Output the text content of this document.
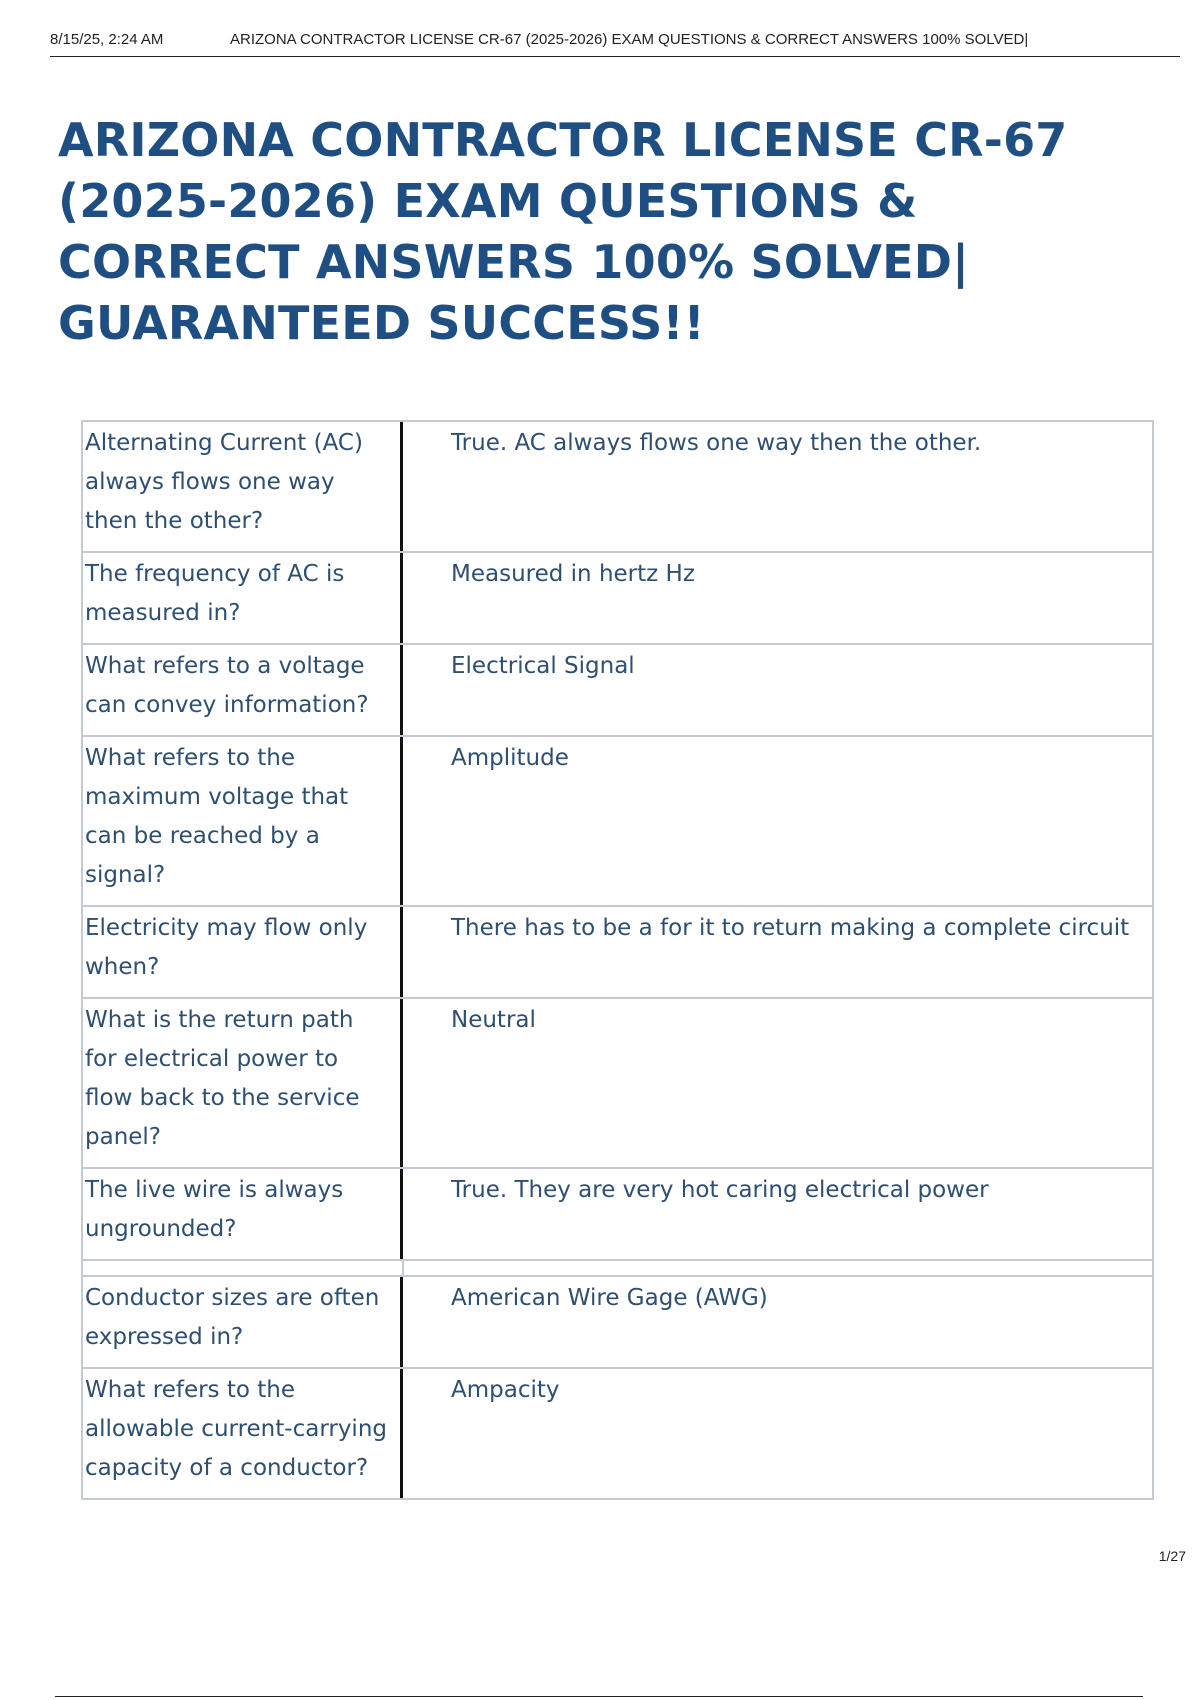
8/15/25, 2:24 AM	ARIZONA CONTRACTOR LICENSE CR-67 (2025-2026) EXAM QUESTIONS & CORRECT ANSWERS 100% SOLVED|
ARIZONA CONTRACTOR LICENSE CR-67 (2025-2026) EXAM QUESTIONS & CORRECT ANSWERS 100% SOLVED| GUARANTEED SUCCESS!!
Alternating Current (AC) always flows one way then the other?	True. AC always flows one way then the other.

The frequency of AC is measured in?	Measured in hertz Hz

What refers to a voltage can convey information?	Electrical Signal

What refers to the maximum voltage that can be reached by a signal?	Amplitude

Electricity may flow only when?	There has to be a for it to return making a complete circuit

What is the return path for electrical power to flow back to the service panel?	Neutral

The live wire is always ungrounded?	True. They are very hot caring electrical power

Conductor sizes are often expressed in?	American Wire Gage (AWG)

What refers to the allowable current-carrying capacity of a conductor?	Ampacity
1/27
